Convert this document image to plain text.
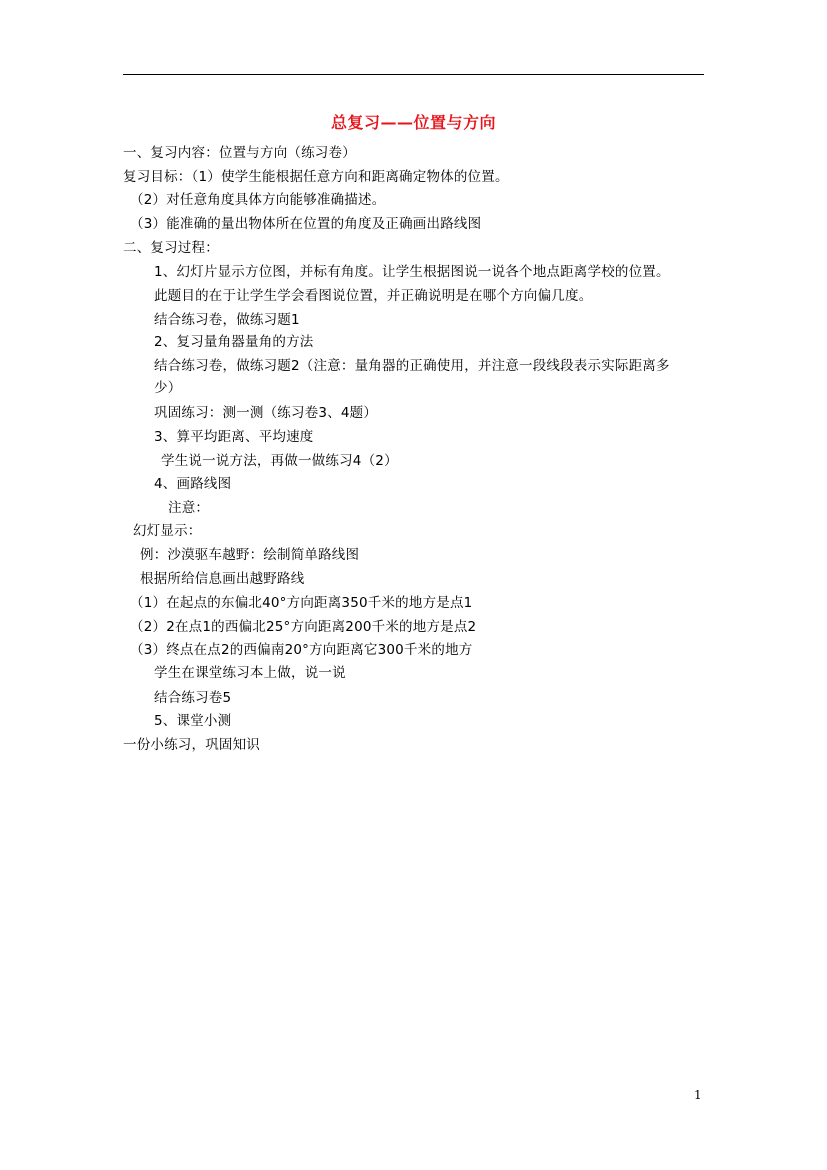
总复习——位置与方向
一、复习内容：位置与方向（练习卷）
复习目标：（1）使学生能根据任意方向和距离确定物体的位置。
（2）对任意角度具体方向能够准确描述。
（3）能准确的量出物体所在位置的角度及正确画出路线图
二、复习过程：
1、幻灯片显示方位图，并标有角度。让学生根据图说一说各个地点距离学校的位置。
此题目的在于让学生学会看图说位置，并正确说明是在哪个方向偏几度。
结合练习卷，做练习题1
2、复习量角器量角的方法
结合练习卷，做练习题2（注意：量角器的正确使用，并注意一段线段表示实际距离多
少）
巩固练习：测一测（练习卷3、4题）
3、算平均距离、平均速度
学生说一说方法，再做一做练习4（2）
4、画路线图
注意：
幻灯显示：
例：沙漠驱车越野：绘制简单路线图
根据所给信息画出越野路线
（1）在起点的东偏北40°方向距离350千米的地方是点1
（2）2在点1的西偏北25°方向距离200千米的地方是点2
（3）终点在点2的西偏南20°方向距离它300千米的地方
学生在课堂练习本上做，说一说
结合练习卷5
5、课堂小测
一份小练习，巩固知识
1
